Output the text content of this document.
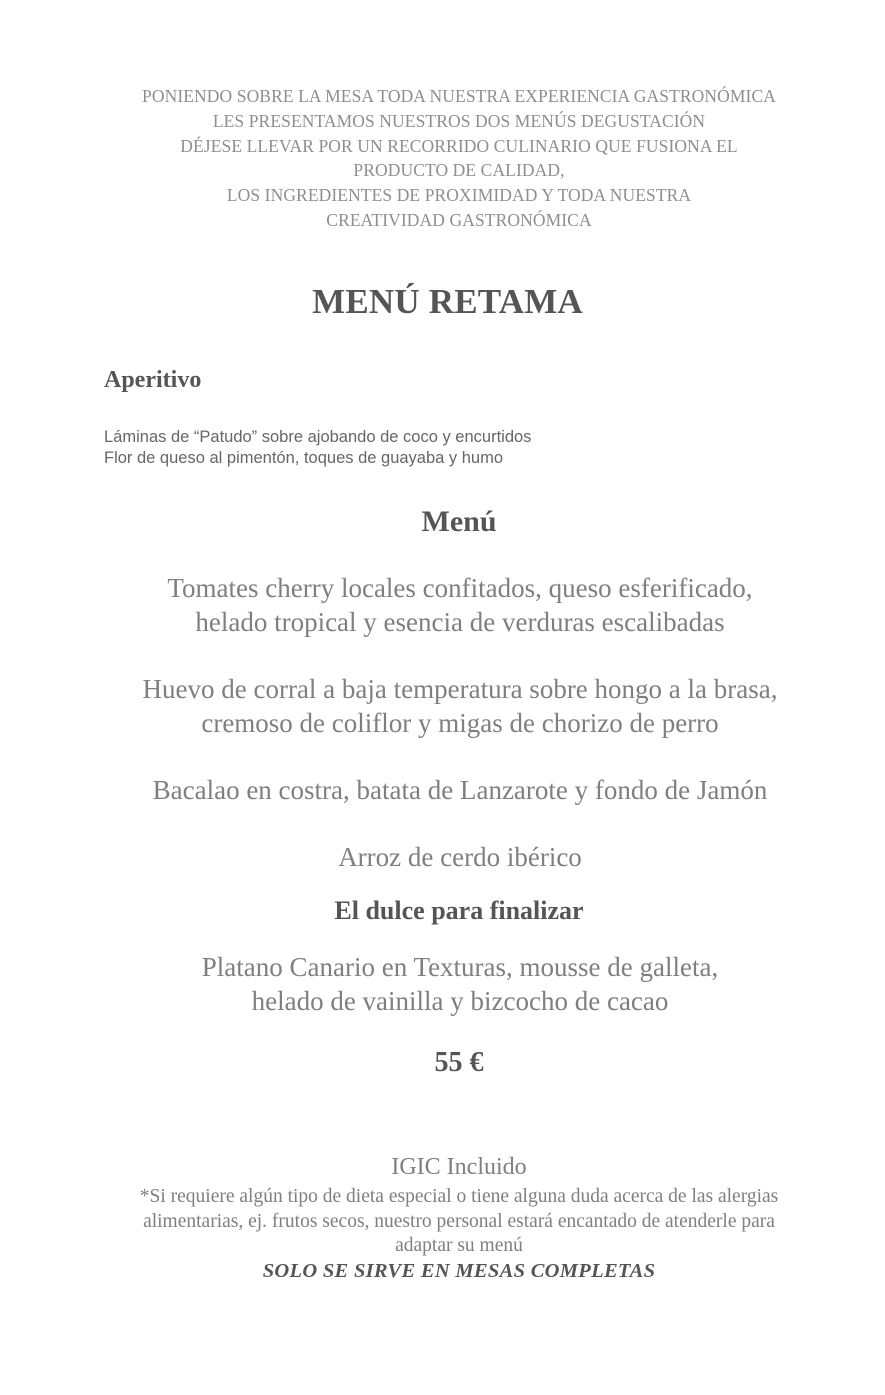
PONIENDO SOBRE LA MESA TODA NUESTRA EXPERIENCIA GASTRONÓMICA
LES PRESENTAMOS NUESTROS DOS MENÚS DEGUSTACIÓN
DÉJESE LLEVAR POR UN RECORRIDO CULINARIO QUE FUSIONA EL
PRODUCTO DE CALIDAD,
LOS INGREDIENTES DE PROXIMIDAD Y TODA NUESTRA
CREATIVIDAD GASTRONÓMICA
MENÚ RETAMA
Aperitivo
Láminas de “Patudo” sobre ajobando de coco y encurtidos
Flor de queso al pimentón, toques de guayaba y humo
Menú
Tomates cherry locales confitados, queso esferificado,
helado tropical y esencia de verduras escalibadas
Huevo de corral a baja temperatura sobre hongo a la brasa,
cremoso de coliflor y migas de chorizo de perro
Bacalao en costra, batata de Lanzarote y fondo de Jamón
Arroz de cerdo ibérico
El dulce para finalizar
Platano Canario en Texturas, mousse de galleta,
helado de vainilla y bizcocho de cacao
55 €
IGIC Incluido
*Si requiere algún tipo de dieta especial o tiene alguna duda acerca de las alergias
alimentarias, ej. frutos secos, nuestro personal estará encantado de atenderle para
adaptar su menú
SOLO SE SIRVE EN MESAS COMPLETAS
